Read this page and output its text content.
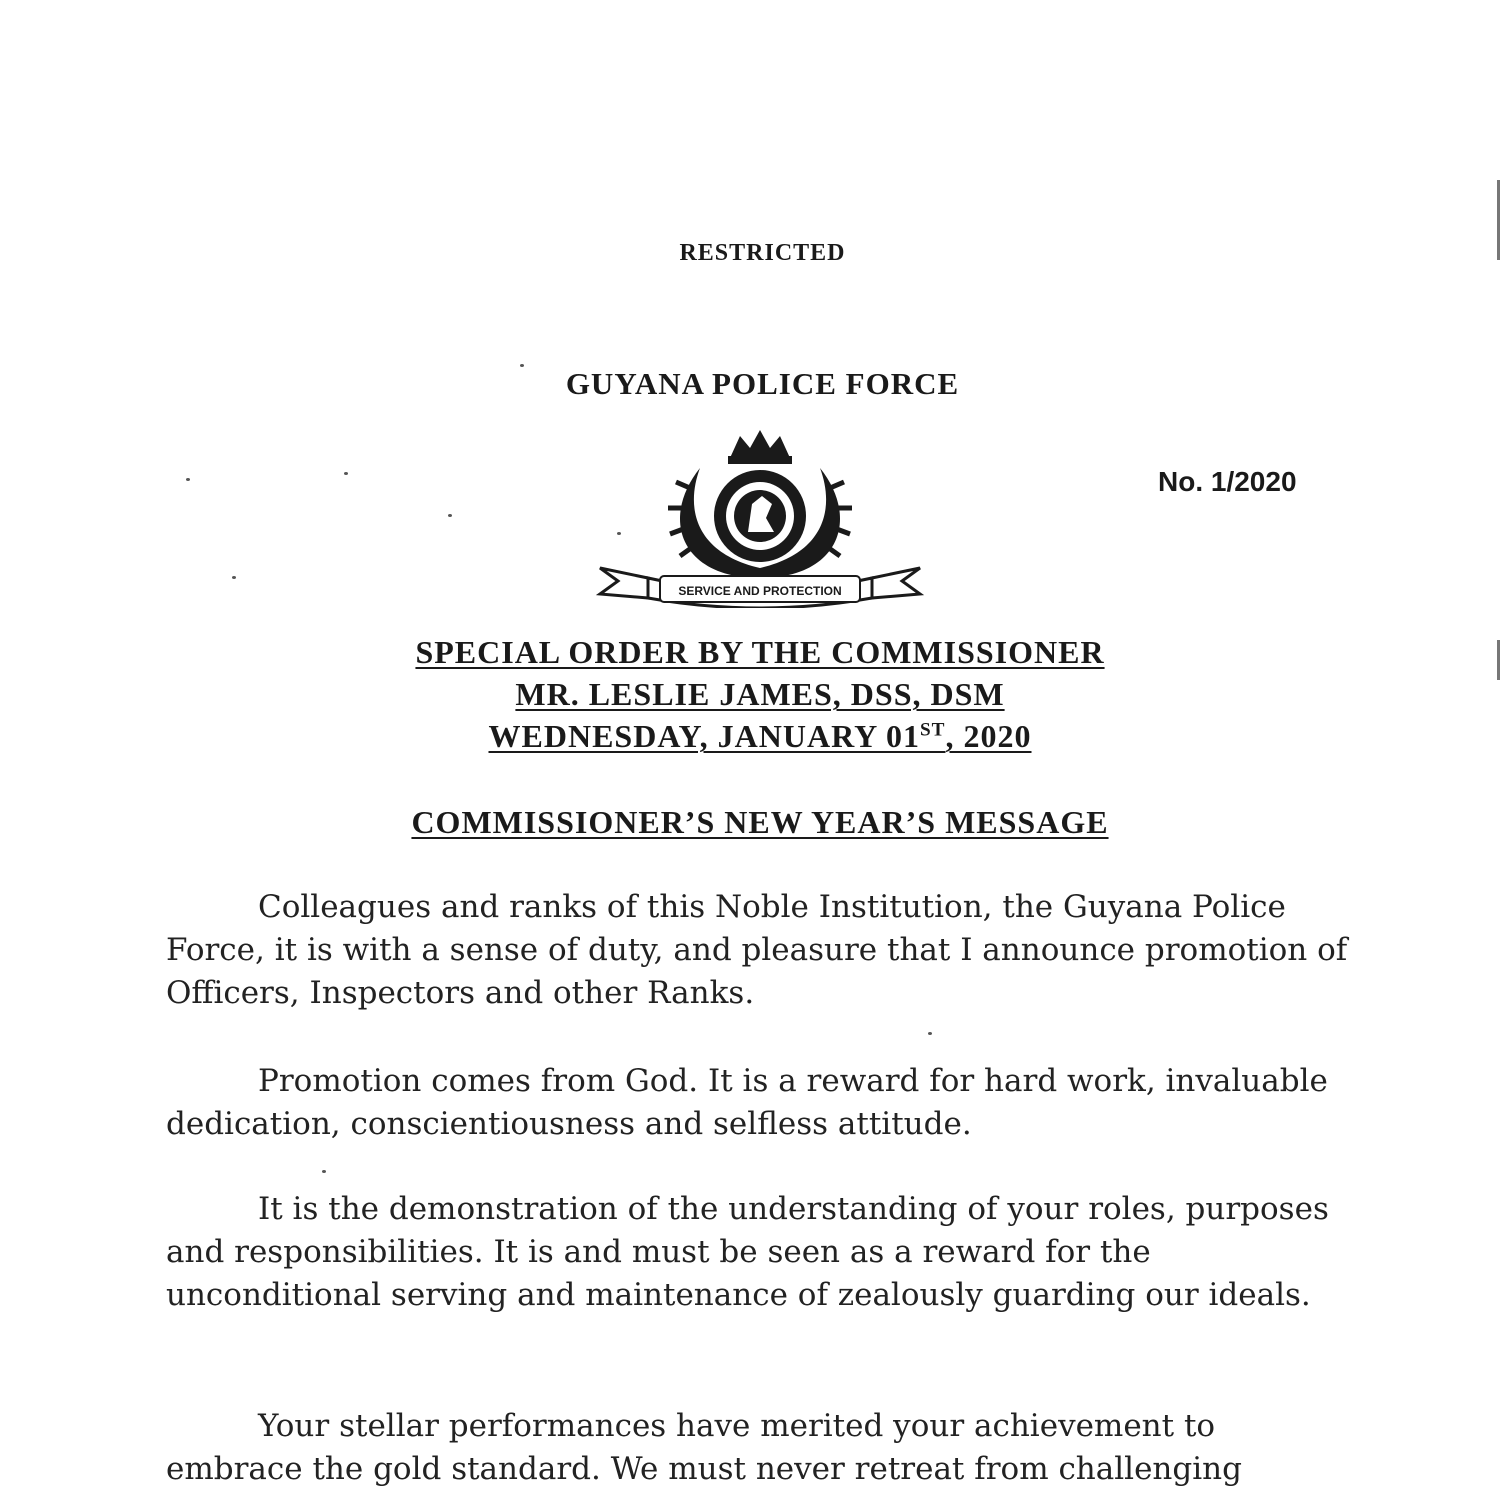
RESTRICTED
GUYANA POLICE FORCE
SERVICE AND PROTECTION
No. 1/2020
SPECIAL ORDER BY THE COMMISSIONER
MR. LESLIE JAMES, DSS, DSM
WEDNESDAY, JANUARY 01ST, 2020
COMMISSIONER’S NEW YEAR’S MESSAGE

Colleagues and ranks of this Noble Institution, the Guyana Police Force, it is with a sense of duty, and pleasure that I announce promotion of Officers, Inspectors and other Ranks.

Promotion comes from God. It is a reward for hard work, invaluable dedication, conscientiousness and selfless attitude.

It is the demonstration of the understanding of your roles, purposes and responsibilities. It is and must be seen as a reward for the unconditional serving and maintenance of zealously guarding our ideals.

Your stellar performances have merited your achievement to embrace the gold standard. We must never retreat from challenging
